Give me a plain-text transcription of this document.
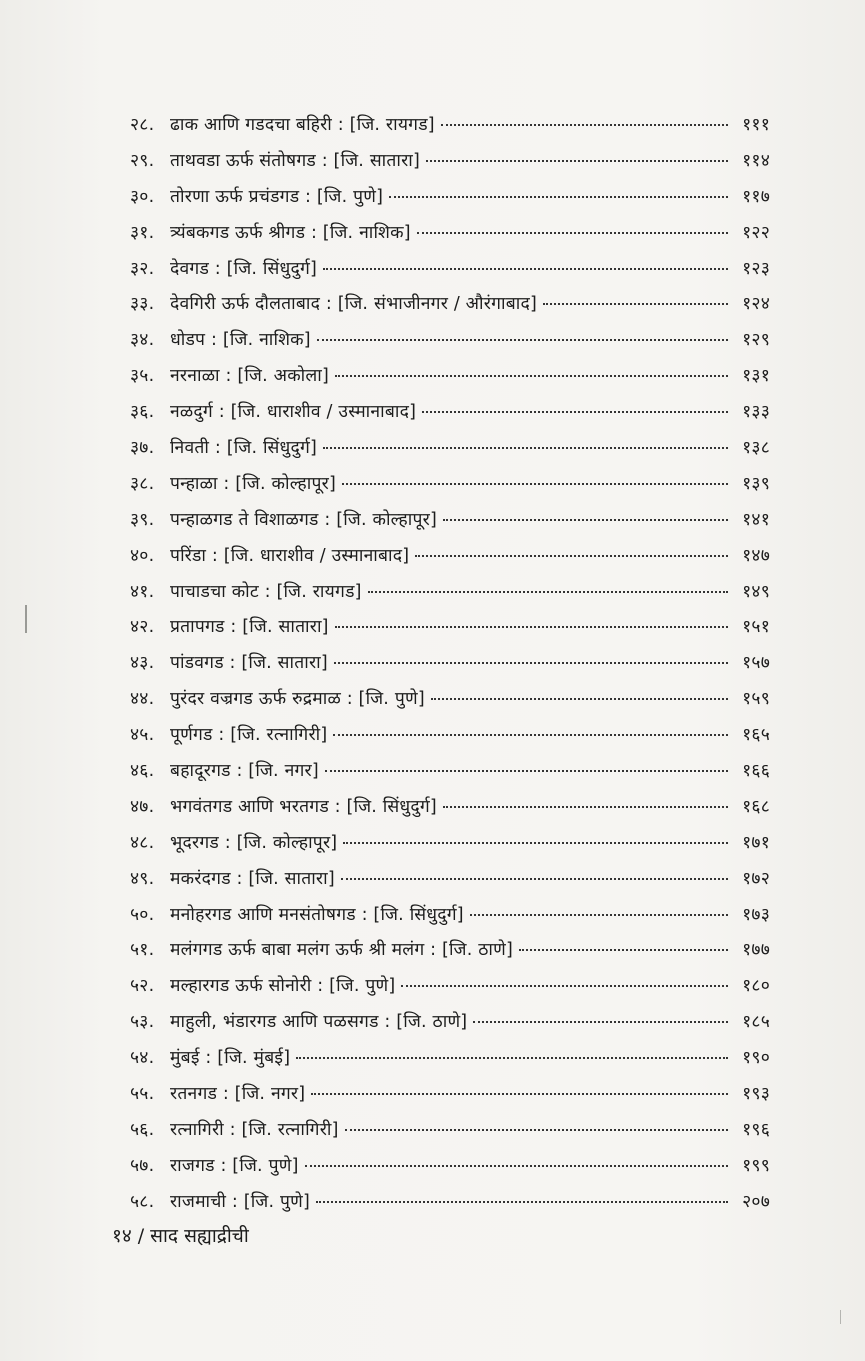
२८. ढाक आणि गडदचा बहिरी : [जि. रायगड]	१११
२९. ताथवडा ऊर्फ संतोषगड : [जि. सातारा]	११४
३०. तोरणा ऊर्फ प्रचंडगड : [जि. पुणे]	११७
३१. त्र्यंबकगड ऊर्फ श्रीगड : [जि. नाशिक]	१२२
३२. देवगड : [जि. सिंधुदुर्ग]	१२३
३३. देवगिरी ऊर्फ दौलताबाद : [जि. संभाजीनगर / औरंगाबाद]	१२४
३४. धोडप : [जि. नाशिक]	१२९
३५. नरनाळा : [जि. अकोला]	१३१
३६. नळदुर्ग : [जि. धाराशीव / उस्मानाबाद]	१३३
३७. निवती : [जि. सिंधुदुर्ग]	१३८
३८. पन्हाळा : [जि. कोल्हापूर]	१३९
३९. पन्हाळगड ते विशाळगड : [जि. कोल्हापूर]	१४१
४०. परिंडा : [जि. धाराशीव / उस्मानाबाद]	१४७
४१. पाचाडचा कोट : [जि. रायगड]	१४९
४२. प्रतापगड : [जि. सातारा]	१५१
४३. पांडवगड : [जि. सातारा]	१५७
४४. पुरंदर वज्रगड ऊर्फ रुद्रमाळ : [जि. पुणे]	१५९
४५. पूर्णगड : [जि. रत्नागिरी]	१६५
४६. बहादूरगड : [जि. नगर]	१६६
४७. भगवंतगड आणि भरतगड : [जि. सिंधुदुर्ग]	१६८
४८. भूदरगड : [जि. कोल्हापूर]	१७१
४९. मकरंदगड : [जि. सातारा]	१७२
५०. मनोहरगड आणि मनसंतोषगड : [जि. सिंधुदुर्ग]	१७३
५१. मलंगगड ऊर्फ बाबा मलंग ऊर्फ श्री मलंग : [जि. ठाणे]	१७७
५२. मल्हारगड ऊर्फ सोनोरी : [जि. पुणे]	१८०
५३. माहुली, भंडारगड आणि पळसगड : [जि. ठाणे]	१८५
५४. मुंबई : [जि. मुंबई]	१९०
५५. रतनगड : [जि. नगर]	१९३
५६. रत्नागिरी : [जि. रत्नागिरी]	१९६
५७. राजगड : [जि. पुणे]	१९९
५८. राजमाची : [जि. पुणे]	२०७
१४ / साद सह्याद्रीची
